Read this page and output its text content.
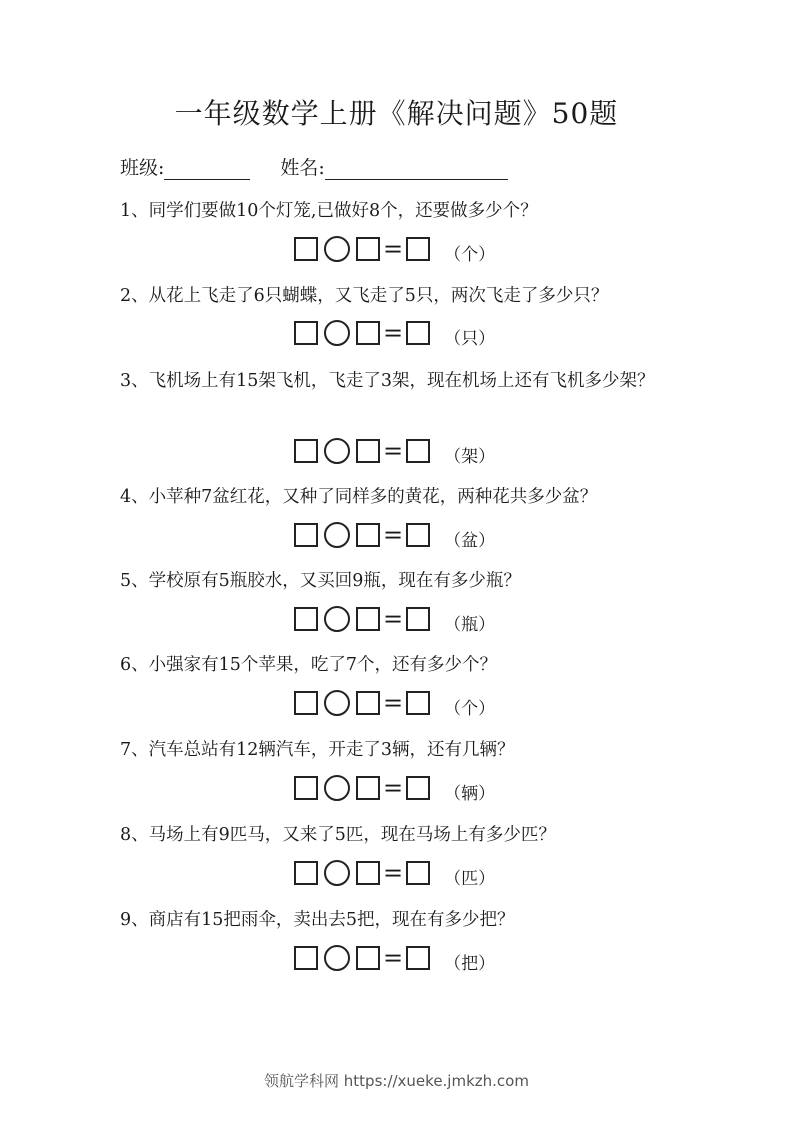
一年级数学上册《解决问题》50题
班级:	姓名:
1、同学们要做10个灯笼,已做好8个，还要做多少个？
= （个）
2、从花上飞走了6只蝴蝶，又飞走了5只，两次飞走了多少只？
= （只）
3、飞机场上有15架飞机，飞走了3架，现在机场上还有飞机多少架？
= （架）
4、小苹种7盆红花，又种了同样多的黄花，两种花共多少盆？
= （盆）
5、学校原有5瓶胶水，又买回9瓶，现在有多少瓶？
= （瓶）
6、小强家有15个苹果，吃了7个，还有多少个？
= （个）
7、汽车总站有12辆汽车，开走了3辆，还有几辆？
= （辆）
8、马场上有9匹马，又来了5匹，现在马场上有多少匹？
= （匹）
9、商店有15把雨伞，卖出去5把，现在有多少把？
= （把）
领航学科网 https://xueke.jmkzh.com
